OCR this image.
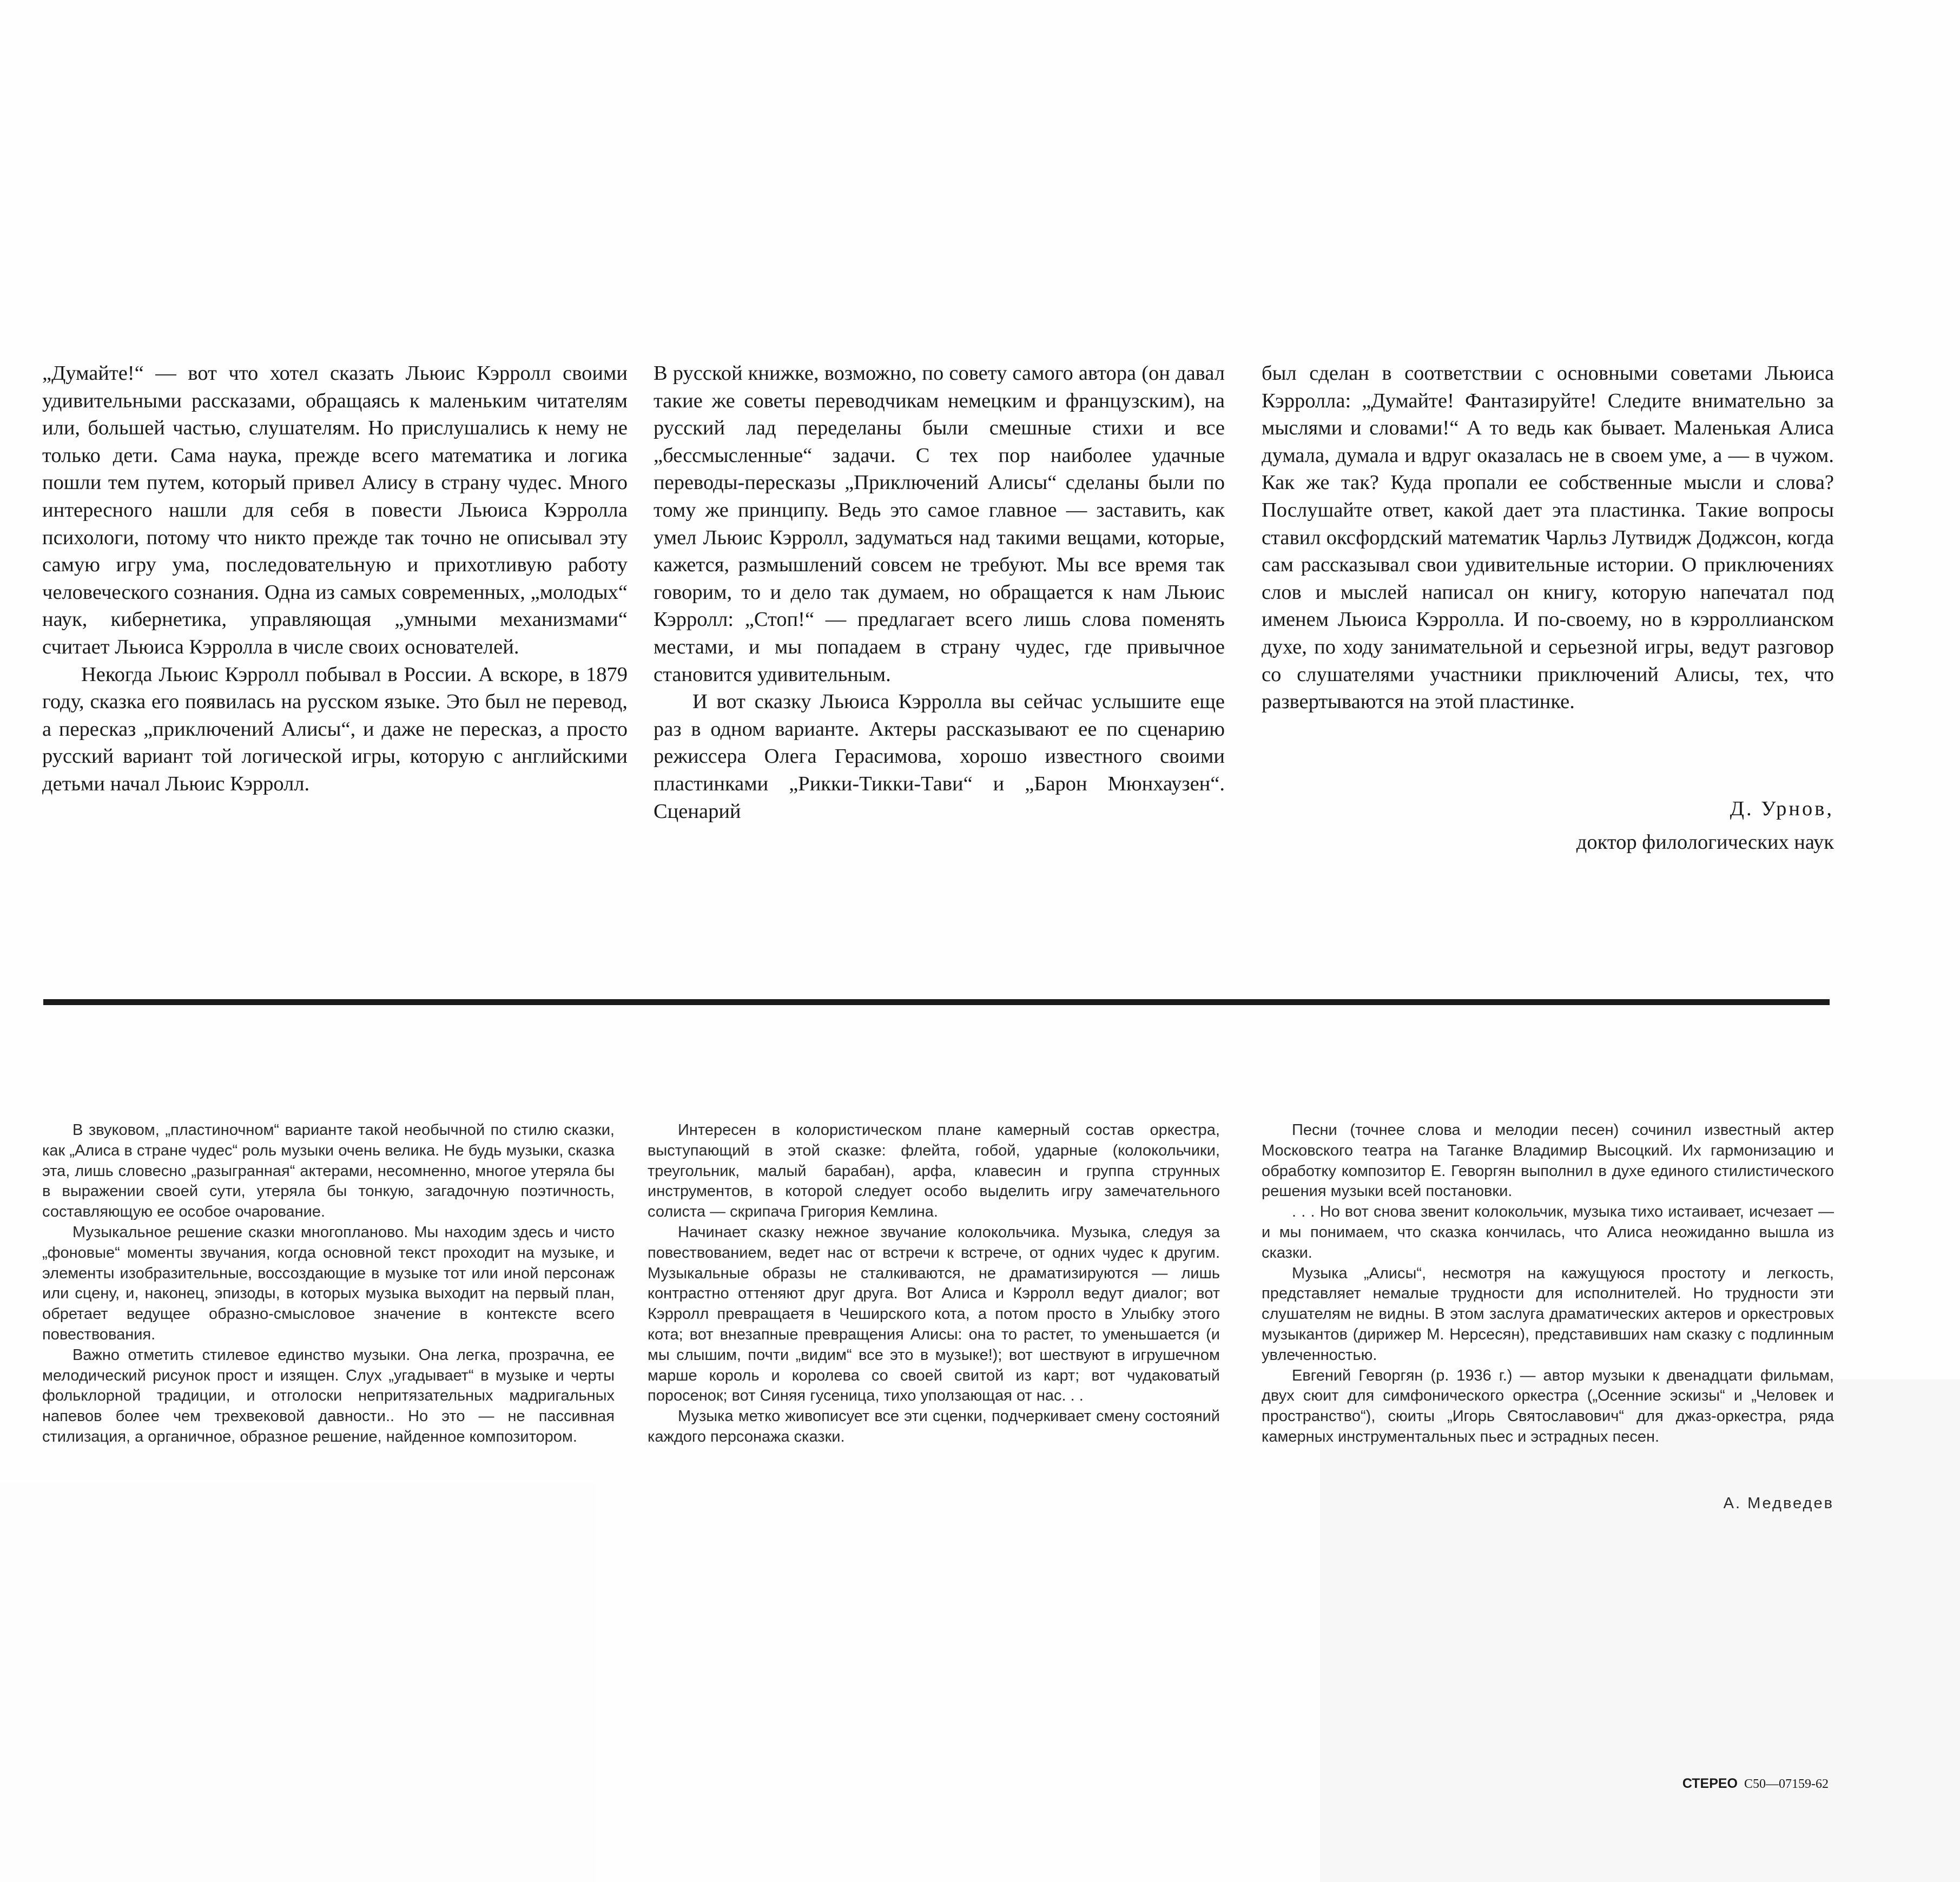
„Думайте!“ — вот что хотел сказать Льюис Кэрролл своими удивительными рассказами, обращаясь к маленьким читателям или, большей частью, слушателям. Но прислушались к нему не только дети. Сама наука, прежде всего математика и логика пошли тем путем, который привел Алису в страну чудес. Много интересного нашли для себя в повести Льюиса Кэрролла психологи, потому что никто прежде так точно не описывал эту самую игру ума, последовательную и прихотливую работу человеческого сознания. Одна из самых современных, „молодых“ наук, кибернетика, управляющая „умными механизмами“ считает Льюиса Кэрролла в числе своих основателей.

Некогда Льюис Кэрролл побывал в России. А вскоре, в 1879 году, сказка его появилась на русском языке. Это был не перевод, а пересказ „приключений Алисы“, и даже не пересказ, а просто русский вариант той логической игры, которую с английскими детьми начал Льюис Кэрролл.

В русской книжке, возможно, по совету самого автора (он давал такие же советы переводчикам немецким и французским), на русский лад переделаны были смешные стихи и все „бессмысленные“ задачи. С тех пор наиболее удачные переводы-пересказы „Приключений Алисы“ сделаны были по тому же принципу. Ведь это самое главное — заставить, как умел Льюис Кэрролл, задуматься над такими вещами, которые, кажется, размышлений совсем не требуют. Мы все время так говорим, то и дело так думаем, но обращается к нам Льюис Кэрролл: „Стоп!“ — предлагает всего лишь слова поменять местами, и мы попадаем в страну чудес, где привычное становится удивительным.

И вот сказку Льюиса Кэрролла вы сейчас услышите еще раз в одном варианте. Актеры рассказывают ее по сценарию режиссера Олега Герасимова, хорошо известного своими пластинками „Рикки-Тикки-Тави“ и „Барон Мюнхаузен“. Сценарий

был сделан в соответствии с основными советами Льюиса Кэрролла: „Думайте! Фантазируйте! Следите внимательно за мыслями и словами!“ А то ведь как бывает. Маленькая Алиса думала, думала и вдруг оказалась не в своем уме, а — в чужом. Как же так? Куда пропали ее собственные мысли и слова? Послушайте ответ, какой дает эта пластинка. Такие вопросы ставил оксфордский математик Чарльз Лутвидж Доджсон, когда сам рассказывал свои удивительные истории. О приключениях слов и мыслей написал он книгу, которую напечатал под именем Льюиса Кэрролла. И по-своему, но в кэрроллианском духе, по ходу занимательной и серьезной игры, ведут разговор со слушателями участники приключений Алисы, тех, что развертываются на этой пластинке.

Д. Урнов,
доктор филологических наук

В звуковом, „пластиночном“ варианте такой необычной по стилю сказки, как „Алиса в стране чудес“ роль музыки очень велика. Не будь музыки, сказка эта, лишь словесно „разыгранная“ актерами, несомненно, многое утеряла бы в выражении своей сути, утеряла бы тонкую, загадочную поэтичность, составляющую ее особое очарование.

Музыкальное решение сказки многопланово. Мы находим здесь и чисто „фоновые“ моменты звучания, когда основной текст проходит на музыке, и элементы изобразительные, воссоздающие в музыке тот или иной персонаж или сцену, и, наконец, эпизоды, в которых музыка выходит на первый план, обретает ведущее образно-смысловое значение в контексте всего повествования.

Важно отметить стилевое единство музыки. Она легка, прозрачна, ее мелодический рисунок прост и изящен. Слух „угадывает“ в музыке и черты фольклорной традиции, и отголоски непритязательных мадригальных напевов более чем трехвековой давности.. Но это — не пассивная стилизация, а органичное, образное решение, найденное композитором.

Интересен в колористическом плане камерный состав оркестра, выступающий в этой сказке: флейта, гобой, ударные (колокольчики, треугольник, малый барабан), арфа, клавесин и группа струнных инструментов, в которой следует особо выделить игру замечательного солиста — скрипача Григория Кемлина.

Начинает сказку нежное звучание колокольчика. Музыка, следуя за повествованием, ведет нас от встречи к встрече, от одних чудес к другим. Музыкальные образы не сталкиваются, не драматизируются — лишь контрастно оттеняют друг друга. Вот Алиса и Кэрролл ведут диалог; вот Кэрролл превращаетя в Чеширского кота, а потом просто в Улыбку этого кота; вот внезапные превращения Алисы: она то растет, то уменьшается (и мы слышим, почти „видим“ все это в музыке!); вот шествуют в игрушечном марше король и королева со своей свитой из карт; вот чудаковатый поросенок; вот Синяя гусеница, тихо уползающая от нас. . .

Музыка метко живописует все эти сценки, подчеркивает смену состояний каждого персонажа сказки.

Песни (точнее слова и мелодии песен) сочинил известный актер Московского театра на Таганке Владимир Высоцкий. Их гармонизацию и обработку композитор Е. Геворгян выполнил в духе единого стилистического решения музыки всей постановки.

. . . Но вот снова звенит колокольчик, музыка тихо истаивает, исчезает — и мы понимаем, что сказка кончилась, что Алиса неожиданно вышла из сказки.

Музыка „Алисы“, несмотря на кажущуюся простоту и легкость, представляет немалые трудности для исполнителей. Но трудности эти слушателям не видны. В этом заслуга драматических актеров и оркестровых музыкантов (дирижер М. Нерсесян), представивших нам сказку с подлинным увлеченностью.

Евгений Геворгян (р. 1936 г.) — автор музыки к двенадцати фильмам, двух сюит для симфонического оркестра („Осенние эскизы“ и „Человек и пространство“), сюиты „Игорь Святославович“ для джаз-оркестра, ряда камерных инструментальных пьес и эстрадных песен.

А. Медведев
СТЕРЕО С50—07159-62
